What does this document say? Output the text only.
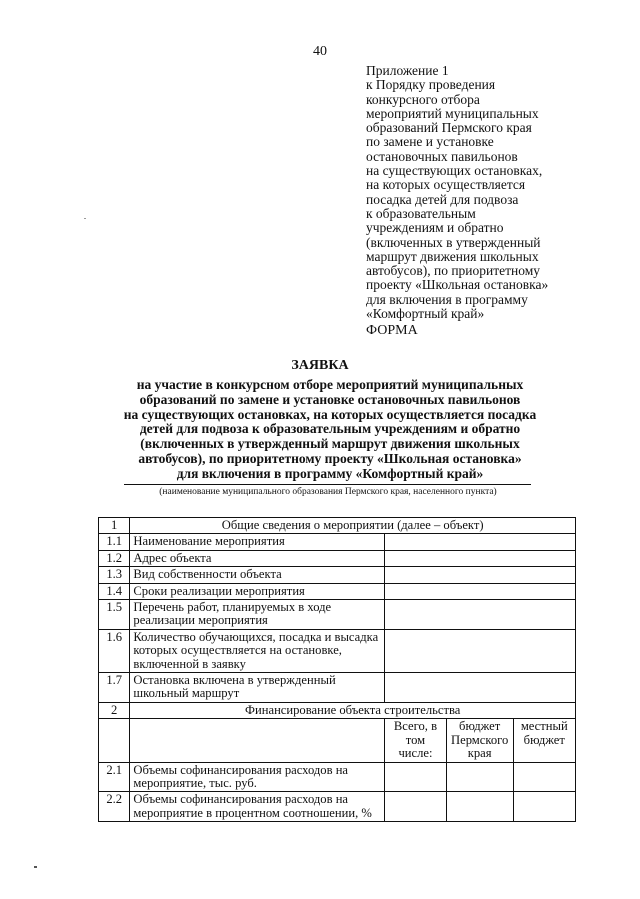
40
Приложение 1
к Порядку проведения
конкурсного отбора
мероприятий муниципальных
образований Пермского края
по замене и установке
остановочных павильонов
на существующих остановках,
на которых осуществляется
посадка детей для подвоза
к образовательным
учреждениям и обратно
(включенных в утвержденный
маршрут движения школьных
автобусов), по приоритетному
проекту «Школьная остановка»
для включения в программу
«Комфортный край»
ФОРМА
ЗАЯВКА
на участие в конкурсном отборе мероприятий муниципальных
образований по замене и установке остановочных павильонов
на существующих остановках, на которых осуществляется посадка
детей для подвоза к образовательным учреждениям и обратно
(включенных в утвержденный маршрут движения школьных
автобусов), по приоритетному проекту «Школьная остановка»
для включения в программу «Комфортный край»
(наименование муниципального образования Пермского края, населенного пункта)
1	Общие сведения о мероприятии (далее – объект)			
1.1	Наименование мероприятия			
1.2	Адрес объекта			
1.3	Вид собственности объекта			
1.4	Сроки реализации мероприятия			
1.5	Перечень работ, планируемых в ходе реализации мероприятия			
1.6	Количество обучающихся, посадка и высадка которых осуществляется на остановке, включенной в заявку			
1.7	Остановка включена в утвержденный школьный маршрут			
2	Финансирование объекта строительства			
		Всего, в том числе:	бюджет Пермского края	местный бюджет
2.1	Объемы софинансирования расходов на мероприятие, тыс. руб.			
2.2	Объемы софинансирования расходов на мероприятие в процентном соотношении, %			
